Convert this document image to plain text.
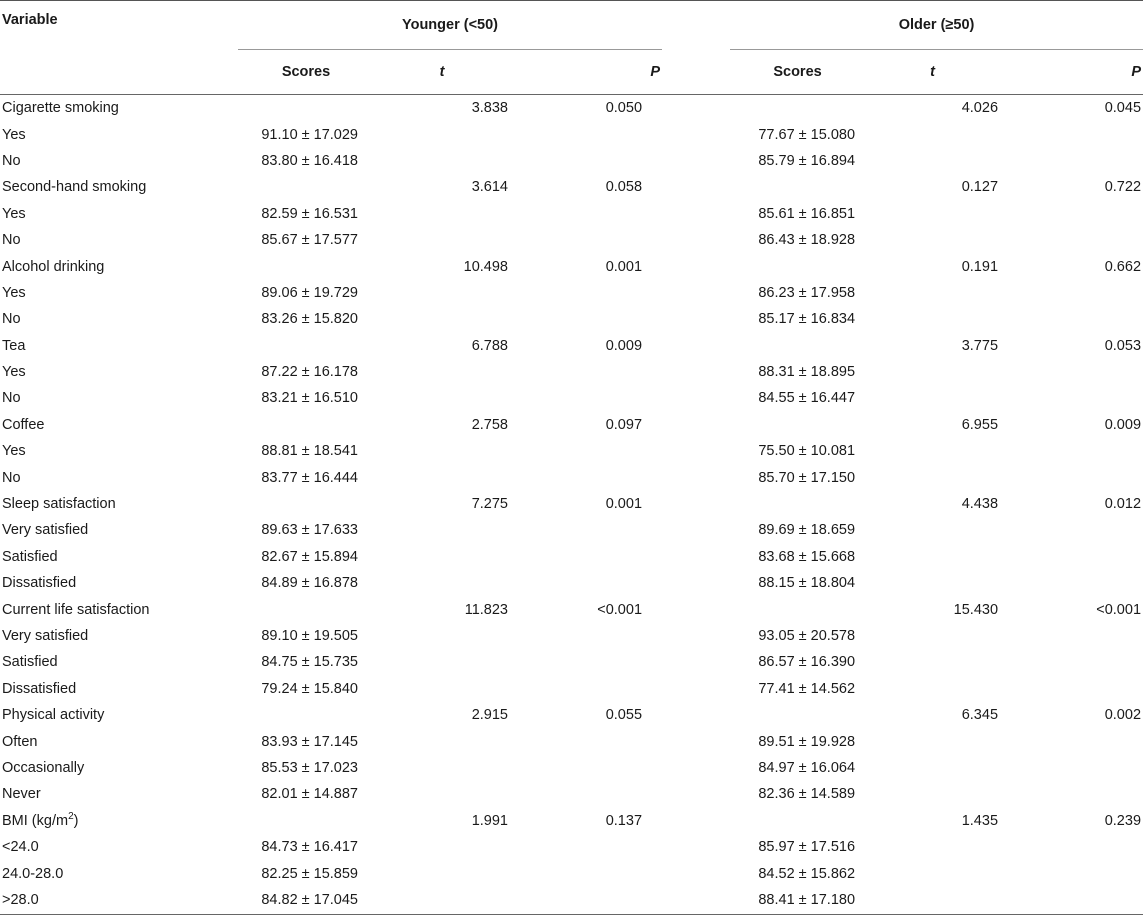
Variable	Younger (<50)				Older (≥50)		

	Scores	t	P		Scores	t	P
Cigarette smoking		3.838	0.050			4.026	0.045
Yes	91.10 ± 17.029				77.67 ± 15.080		
No	83.80 ± 16.418				85.79 ± 16.894		
Second-hand smoking		3.614	0.058			0.127	0.722
Yes	82.59 ± 16.531				85.61 ± 16.851		
No	85.67 ± 17.577				86.43 ± 18.928		
Alcohol drinking		10.498	0.001			0.191	0.662
Yes	89.06 ± 19.729				86.23 ± 17.958		
No	83.26 ± 15.820				85.17 ± 16.834		
Tea		6.788	0.009			3.775	0.053
Yes	87.22 ± 16.178				88.31 ± 18.895		
No	83.21 ± 16.510				84.55 ± 16.447		
Coffee		2.758	0.097			6.955	0.009
Yes	88.81 ± 18.541				75.50 ± 10.081		
No	83.77 ± 16.444				85.70 ± 17.150		
Sleep satisfaction		7.275	0.001			4.438	0.012
Very satisfied	89.63 ± 17.633				89.69 ± 18.659		
Satisfied	82.67 ± 15.894				83.68 ± 15.668		
Dissatisfied	84.89 ± 16.878				88.15 ± 18.804		
Current life satisfaction		11.823	<0.001			15.430	<0.001
Very satisfied	89.10 ± 19.505				93.05 ± 20.578		
Satisfied	84.75 ± 15.735				86.57 ± 16.390		
Dissatisfied	79.24 ± 15.840				77.41 ± 14.562		
Physical activity		2.915	0.055			6.345	0.002
Often	83.93 ± 17.145				89.51 ± 19.928		
Occasionally	85.53 ± 17.023				84.97 ± 16.064		
Never	82.01 ± 14.887				82.36 ± 14.589		
BMI $(kg/m^2)$		1.991	0.137			1.435	0.239
<24.0	84.73 ± 16.417				85.97 ± 17.516		
24.0-28.0	82.25 ± 15.859				84.52 ± 15.862		
>28.0	84.82 ± 17.045				88.41 ± 17.180		
